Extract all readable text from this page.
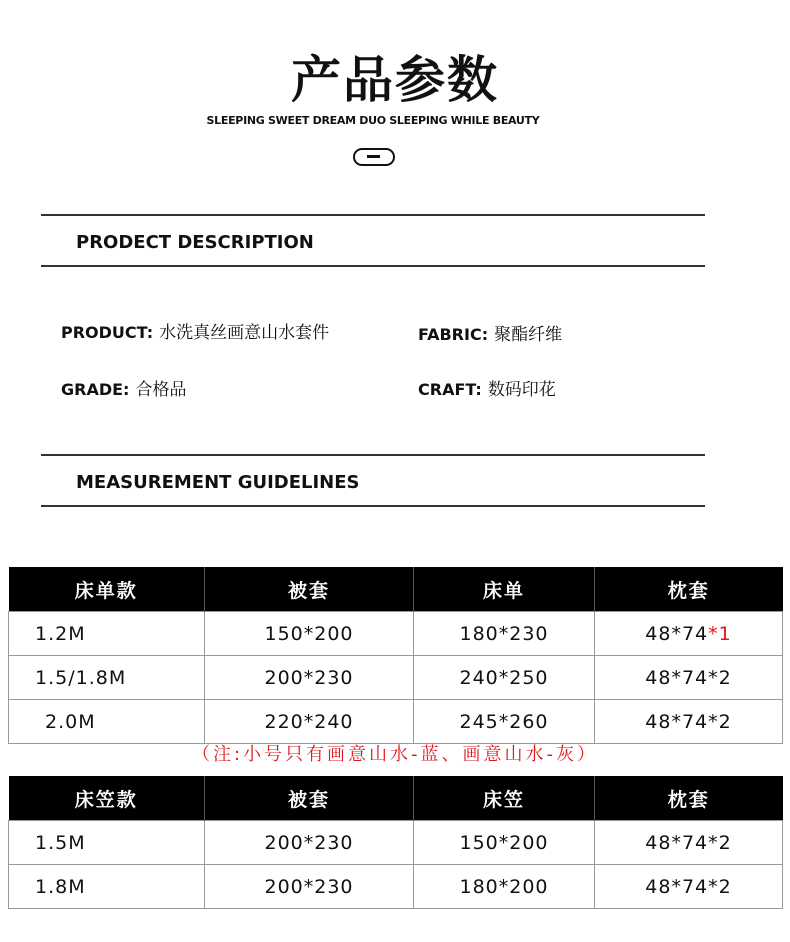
产品参数
SLEEPING SWEET DREAM DUO SLEEPING WHILE BEAUTY
PRODECT DESCRIPTION
PRODUCT: 水洗真丝画意山水套件	FABRIC: 聚酯纤维
GRADE: 合格品	CRAFT: 数码印花
MEASUREMENT GUIDELINES
床单款	被套	床单	枕套
1.2M	150*200	180*230	48*74*1
1.5/1.8M	200*230	240*250	48*74*2
2.0M	220*240	245*260	48*74*2
（注:小号只有画意山水-蓝、画意山水-灰）
床笠款	被套	床笠	枕套
1.5M	200*230	150*200	48*74*2
1.8M	200*230	180*200	48*74*2
